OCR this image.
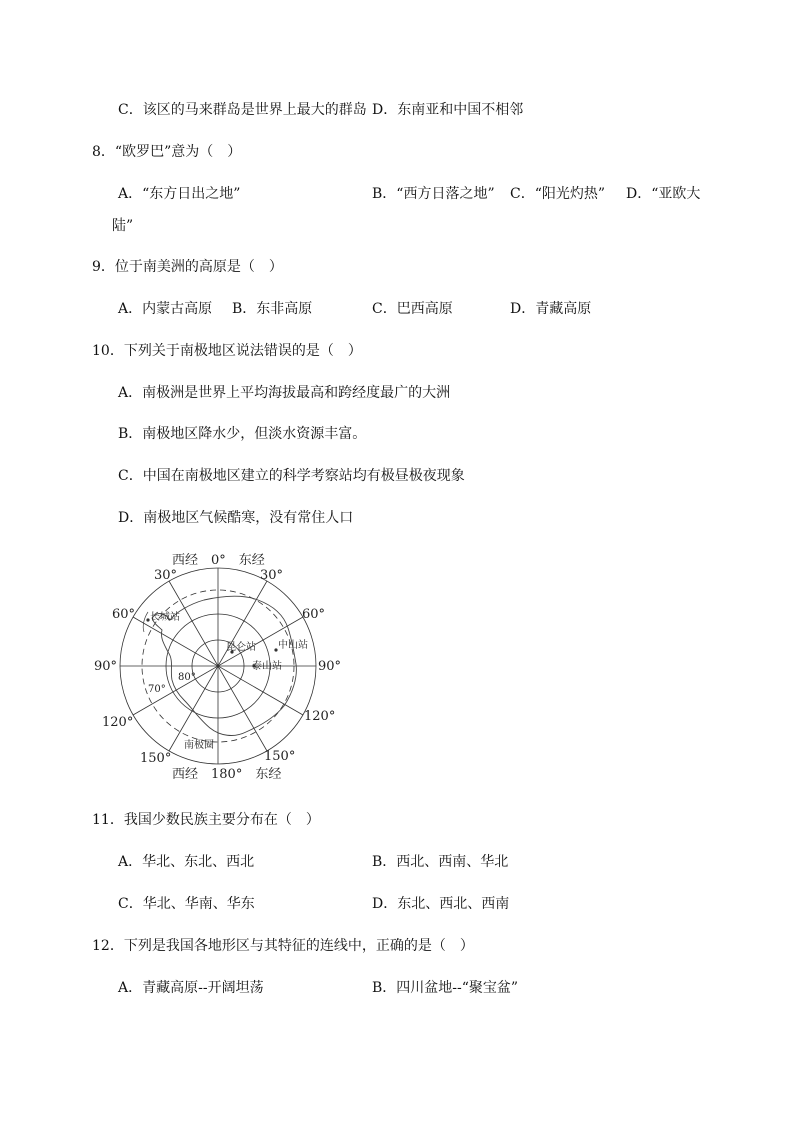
C．该区的马来群岛是世界上最大的群岛 D．东南亚和中国不相邻
8．“欧罗巴”意为（　）
A．“东方日出之地”	B．“西方日落之地” C．“阳光灼热” D．“亚欧大
陆”
9．位于南美洲的高原是（　）
A．内蒙古高原 B．东非高原	C．巴西高原	D．青藏高原
10．下列关于南极地区说法错误的是（　）
A．南极洲是世界上平均海拔最高和跨经度最广的大洲
B．南极地区降水少，但淡水资源丰富。
C．中国在南极地区建立的科学考察站均有极昼极夜现象
D．南极地区气候酷寒，没有常住人口
西经　0°　东经
西经　180°　东经
30°	30°
60°	60°
90°	90°
120°	120°
150°	150°
70°
80°
长城站
昆仑站 中山站
泰山站
南极圈
11．我国少数民族主要分布在（　）
A．华北、东北、西北	B．西北、西南、华北
C．华北、华南、华东	D．东北、西北、西南
12．下列是我国各地形区与其特征的连线中，正确的是（　）
A．青藏高原--开阔坦荡	B．四川盆地--“聚宝盆”
